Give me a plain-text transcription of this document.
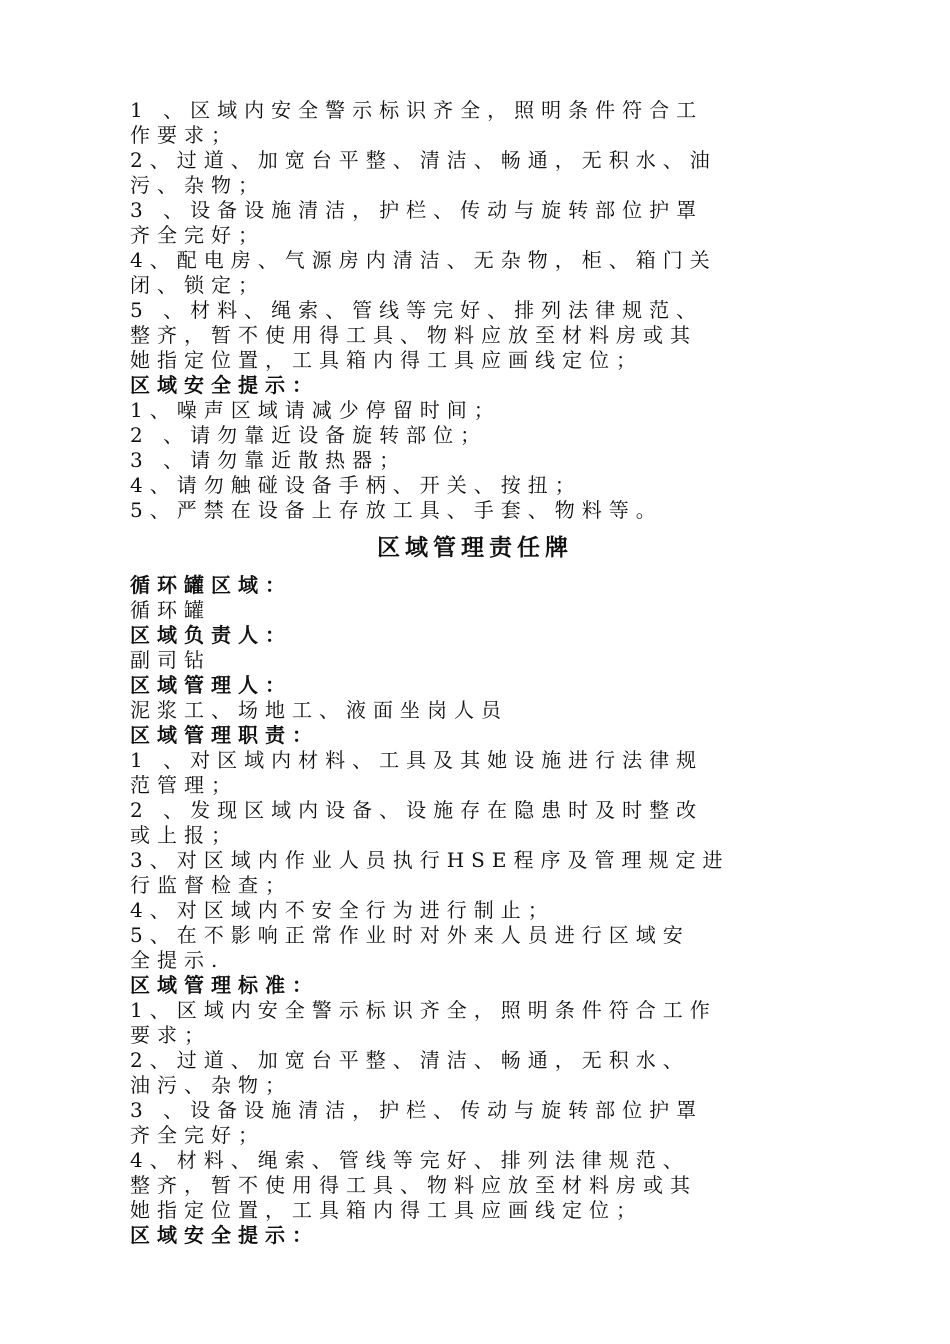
1 、区域内安全警示标识齐全，照明条件符合工
作要求；
2、过道、加宽台平整、清洁、畅通，无积水、油
污、杂物；
3 、设备设施清洁，护栏、传动与旋转部位护罩
齐全完好；
4、配电房、气源房内清洁、无杂物，柜、箱门关
闭、锁定；
5 、材料、绳索、管线等完好、排列法律规范、
整齐，暂不使用得工具、物料应放至材料房或其
她指定位置，工具箱内得工具应画线定位；
区域安全提示：
1、噪声区域请减少停留时间；
2 、请勿靠近设备旋转部位；
3 、请勿靠近散热器；
4、请勿触碰设备手柄、开关、按扭；
5、严禁在设备上存放工具、手套、物料等。
区域管理责任牌
循环罐区域：
循环罐
区域负责人：
副司钻
区域管理人：
泥浆工、场地工、液面坐岗人员
区域管理职责：
1 、对区域内材料、工具及其她设施进行法律规
范管理；
2 、发现区域内设备、设施存在隐患时及时整改
或上报；
3、对区域内作业人员执行HSE程序及管理规定进
行监督检查；
4、对区域内不安全行为进行制止；
5、在不影响正常作业时对外来人员进行区域安
全提示.
区域管理标准：
1、区域内安全警示标识齐全，照明条件符合工作
要求；
2、过道、加宽台平整、清洁、畅通，无积水、
油污、杂物；
3 、设备设施清洁，护栏、传动与旋转部位护罩
齐全完好；
4、材料、绳索、管线等完好、排列法律规范、
整齐，暂不使用得工具、物料应放至材料房或其
她指定位置，工具箱内得工具应画线定位；
区域安全提示：
